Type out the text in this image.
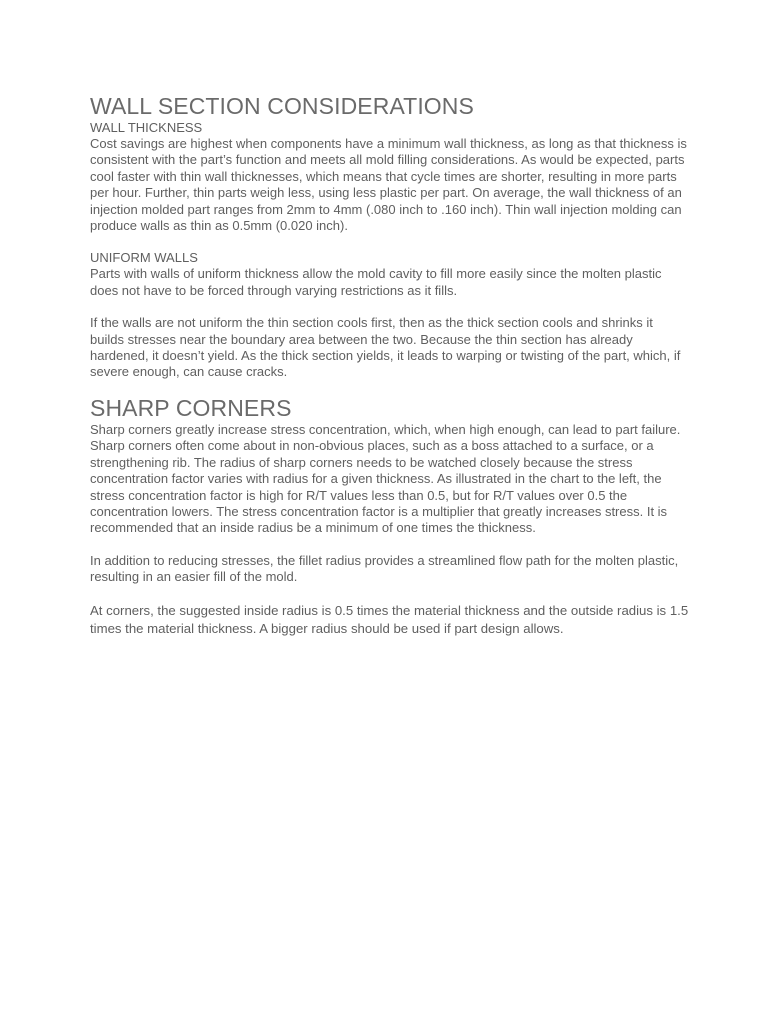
WALL SECTION CONSIDERATIONS
WALL THICKNESS

Cost savings are highest when components have a minimum wall thickness, as long as that thickness is consistent with the part’s function and meets all mold filling considerations. As would be expected, parts cool faster with thin wall thicknesses, which means that cycle times are shorter, resulting in more parts per hour. Further, thin parts weigh less, using less plastic per part. On average, the wall thickness of an injection molded part ranges from 2mm to 4mm (.080 inch to .160 inch). Thin wall injection molding can produce walls as thin as 0.5mm (0.020 inch).

UNIFORM WALLS

Parts with walls of uniform thickness allow the mold cavity to fill more easily since the molten plastic does not have to be forced through varying restrictions as it fills.

If the walls are not uniform the thin section cools first, then as the thick section cools and shrinks it builds stresses near the boundary area between the two. Because the thin section has already hardened, it doesn’t yield. As the thick section yields, it leads to warping or twisting of the part, which, if severe enough, can cause cracks.

SHARP CORNERS

Sharp corners greatly increase stress concentration, which, when high enough, can lead to part failure. Sharp corners often come about in non-obvious places, such as a boss attached to a surface, or a strengthening rib. The radius of sharp corners needs to be watched closely because the stress concentration factor varies with radius for a given thickness. As illustrated in the chart to the left, the stress concentration factor is high for R/T values less than 0.5, but for R/T values over 0.5 the concentration lowers. The stress concentration factor is a multiplier that greatly increases stress. It is recommended that an inside radius be a minimum of one times the thickness.

In addition to reducing stresses, the fillet radius provides a streamlined flow path for the molten plastic, resulting in an easier fill of the mold.

At corners, the suggested inside radius is 0.5 times the material thickness and the outside radius is 1.5 times the material thickness. A bigger radius should be used if part design allows.
